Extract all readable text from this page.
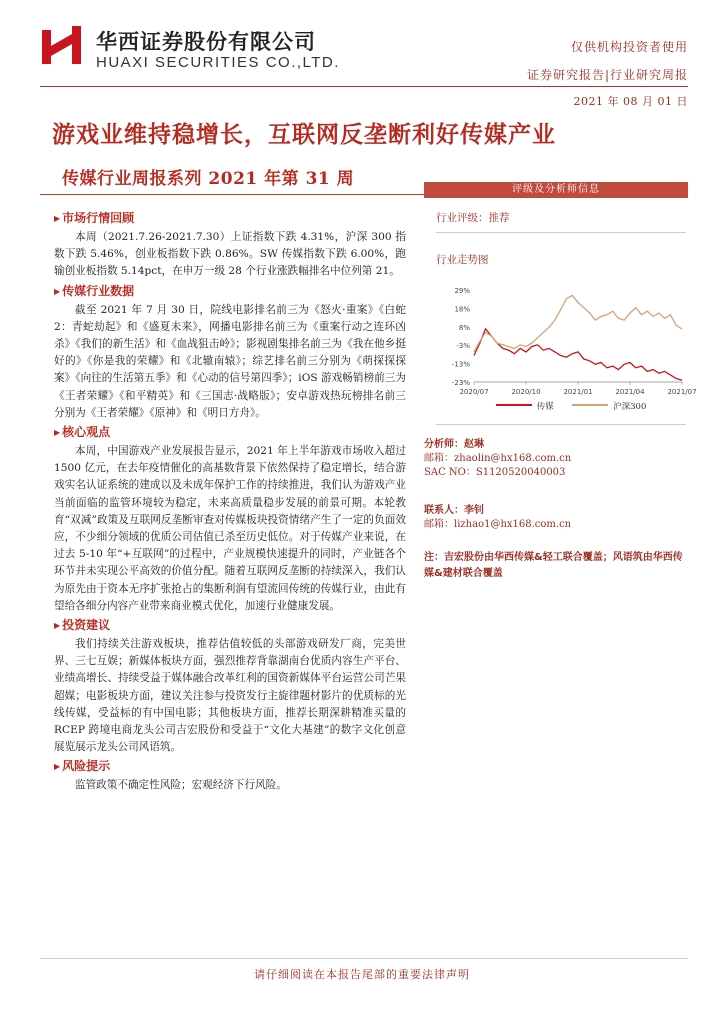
华西证券股份有限公司
HUAXI SECURITIES CO.,LTD.
仅供机构投资者使用
证券研究报告|行业研究周报
2021 年 08 月 01 日
游戏业维持稳增长，互联网反垄断利好传媒产业
传媒行业周报系列 2021 年第 31 周
▶ 市场行情回顾

本周（2021.7.26-2021.7.30）上证指数下跌 4.31%，沪深 300 指数下跌 5.46%，创业板指数下跌 0.86%。SW 传媒指数下跌 6.00%，跑输创业板指数 5.14pct，在申万一级 28 个行业涨跌幅排名中位列第 21。

▶ 传媒行业数据

截至 2021 年 7 月 30 日，院线电影排名前三为《怒火·重案》《白蛇 2：青蛇劫起》和《盛夏未来》，网播电影排名前三为《重案行动之连环凶杀》《我们的新生活》和《血战狙击岭》；影视剧集排名前三为《我在他乡挺好的》《你是我的荣耀》和《北辙南辕》；综艺排名前三分别为《萌探探探案》《向往的生活第五季》和《心动的信号第四季》；iOS 游戏畅销榜前三为《王者荣耀》《和平精英》和《三国志·战略版》；安卓游戏热玩榜排名前三分别为《王者荣耀》《原神》和《明日方舟》。

▶ 核心观点

本周，中国游戏产业发展报告显示，2021 年上半年游戏市场收入超过 1500 亿元，在去年疫情催化的高基数背景下依然保持了稳定增长，结合游戏实名认证系统的建成以及未成年保护工作的持续推进，我们认为游戏产业当前面临的监管环境较为稳定，未来高质量稳步发展的前景可期。本轮教育“双减”政策及互联网反垄断审查对传媒板块投资情绪产生了一定的负面效应，不少细分领域的优质公司估值已杀至历史低位。对于传媒产业来说，在过去 5-10 年“+互联网”的过程中，产业规模快速提升的同时，产业链各个环节并未实现公平高效的价值分配。随着互联网反垄断的持续深入，我们认为原先由于资本无序扩张抢占的集断利润有望流回传统的传媒行业，由此有望给各细分内容产业带来商业模式优化，加速行业健康发展。

▶ 投资建议

我们持续关注游戏板块，推荐估值较低的头部游戏研发厂商，完美世界、三七互娱；新媒体板块方面，强烈推荐背靠湖南台优质内容生产平台、业绩高增长、持续受益于媒体融合改革红利的国资新媒体平台运营公司芒果超媒；电影板块方面，建议关注参与投资发行主旋律题材影片的优质标的光线传媒，受益标的有中国电影；其他板块方面，推荐长期深耕精准买量的 RCEP 跨境电商龙头公司吉宏股份和受益于“文化大基建”的数字文化创意展览展示龙头公司风语筑。

▶ 风险提示

监管政策不确定性风险；宏观经济下行风险。

评级及分析师信息
行业评级：推荐
行业走势图
29%
18%
8%
-3%
-13%
-23%
2020/07	2020/10	2021/01	2021/04	2021/07
传媒	沪深300
分析师：赵琳
邮箱：zhaolin@hx168.com.cn
SAC NO：S1120520040003
联系人：李钊
邮箱：lizhao1@hx168.com.cn
注：吉宏股份由华西传媒&轻工联合覆盖；风语筑由华西传媒&建材联合覆盖
请仔细阅读在本报告尾部的重要法律声明
